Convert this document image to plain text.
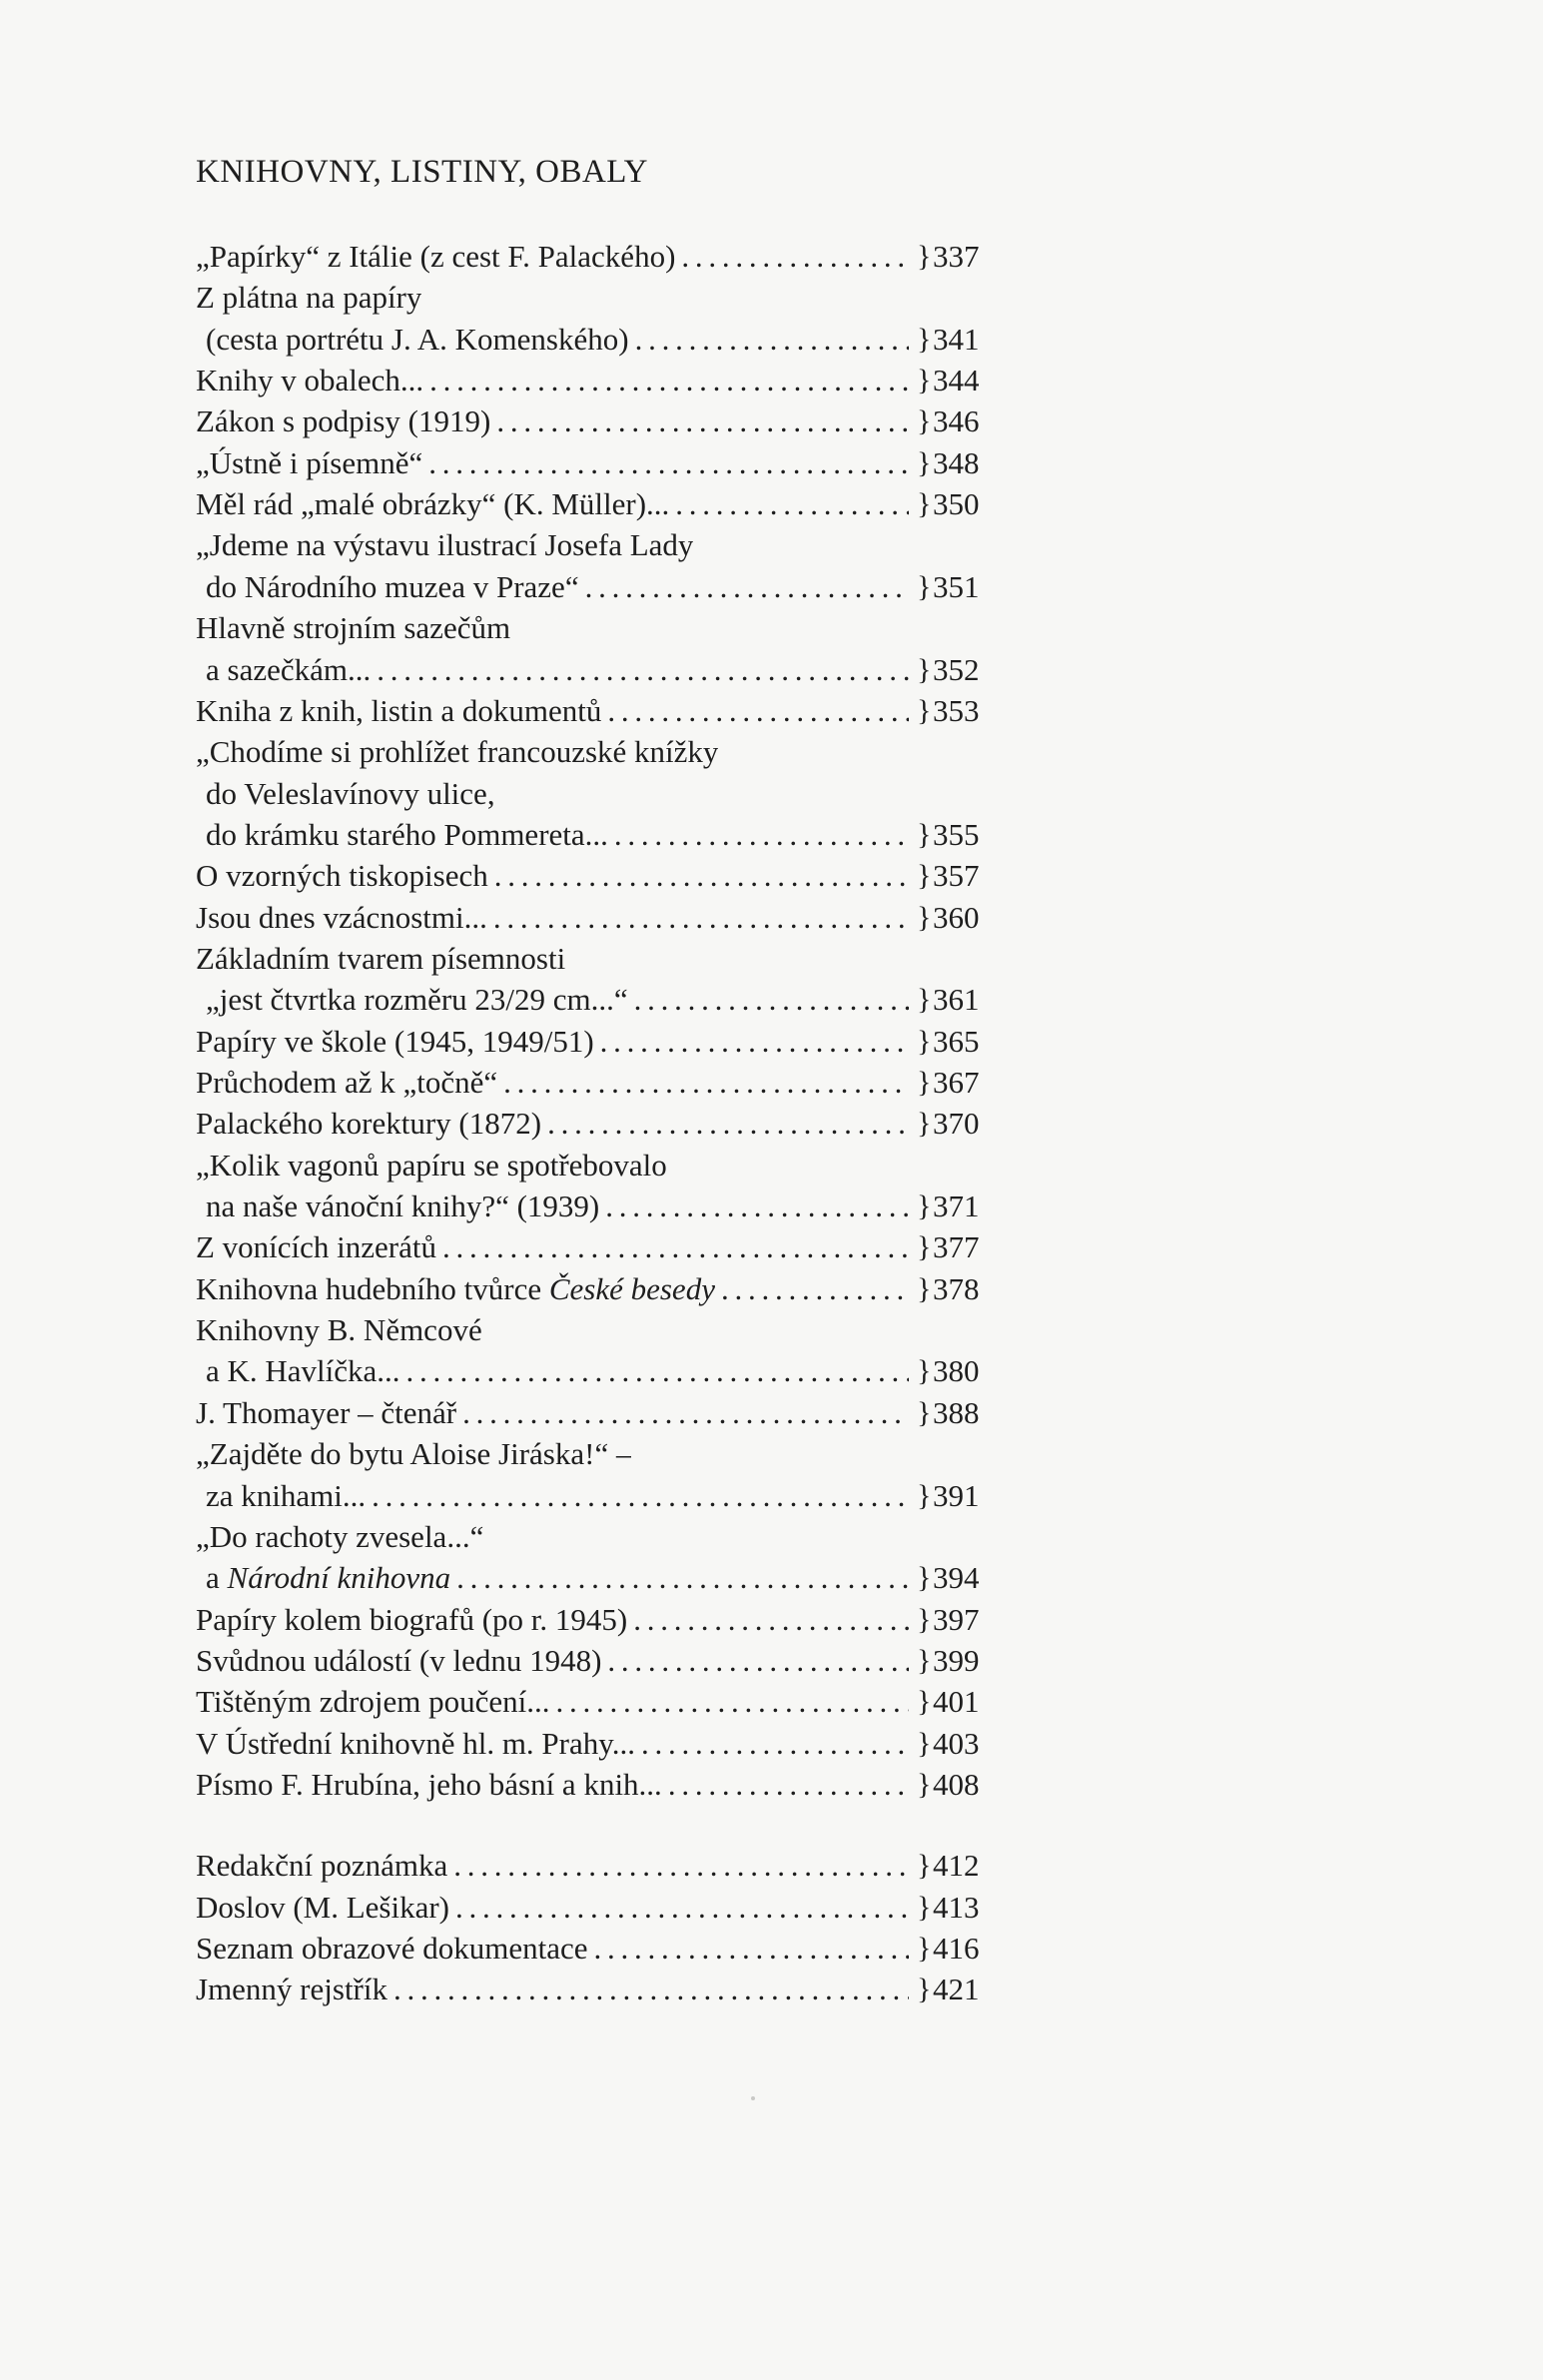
KNIHOVNY, LISTINY, OBALY
„Papírky“ z Itálie (z cest F. Palackého) . . .	} 337
Z plátna na papíry
(cesta portrétu J. A. Komenského) . . .	} 341
Knihy v obalech... . . .	} 344
Zákon s podpisy (1919) . . .	} 346
„Ústně i písemně“ . . .	} 348
Měl rád „malé obrázky“ (K. Müller)... . . .	} 350
„Jdeme na výstavu ilustrací Josefa Lady
do Národního muzea v Praze“ . . .	} 351
Hlavně strojním sazečům
a sazečkám... . . .	} 352
Kniha z knih, listin a dokumentů . . .	} 353
„Chodíme si prohlížet francouzské knížky
do Veleslavínovy ulice,
do krámku starého Pommereta... . . .	} 355
O vzorných tiskopisech . . .	} 357
Jsou dnes vzácnostmi... . . .	} 360
Základním tvarem písemnosti
„jest čtvrtka rozměru 23/29 cm...“ . . .	} 361
Papíry ve škole (1945, 1949/51) . . .	} 365
Průchodem až k „točně“ . . .	} 367
Palackého korektury (1872) . . .	} 370
„Kolik vagonů papíru se spotřebovalo
na naše vánoční knihy?“ (1939) . . .	} 371
Z vonících inzerátů . . .	} 377
Knihovna hudebního tvůrce České besedy . . .	} 378
Knihovny B. Němcové
a K. Havlíčka... . . .	} 380
J. Thomayer – čtenář . . .	} 388
„Zajděte do bytu Aloise Jiráska!“ –
za knihami... . . .	} 391
„Do rachoty zvesela...“
a Národní knihovna . . .	} 394
Papíry kolem biografů (po r. 1945) . . .	} 397
Svůdnou událostí (v lednu 1948) . . .	} 399
Tištěným zdrojem poučení... . . .	} 401
V Ústřední knihovně hl. m. Prahy... . . .	} 403
Písmo F. Hrubína, jeho básní a knih... . . .	} 408
Redakční poznámka . . .	} 412
Doslov (M. Lešikar) . . .	} 413
Seznam obrazové dokumentace . . .	} 416
Jmenný rejstřík . . .	} 421
